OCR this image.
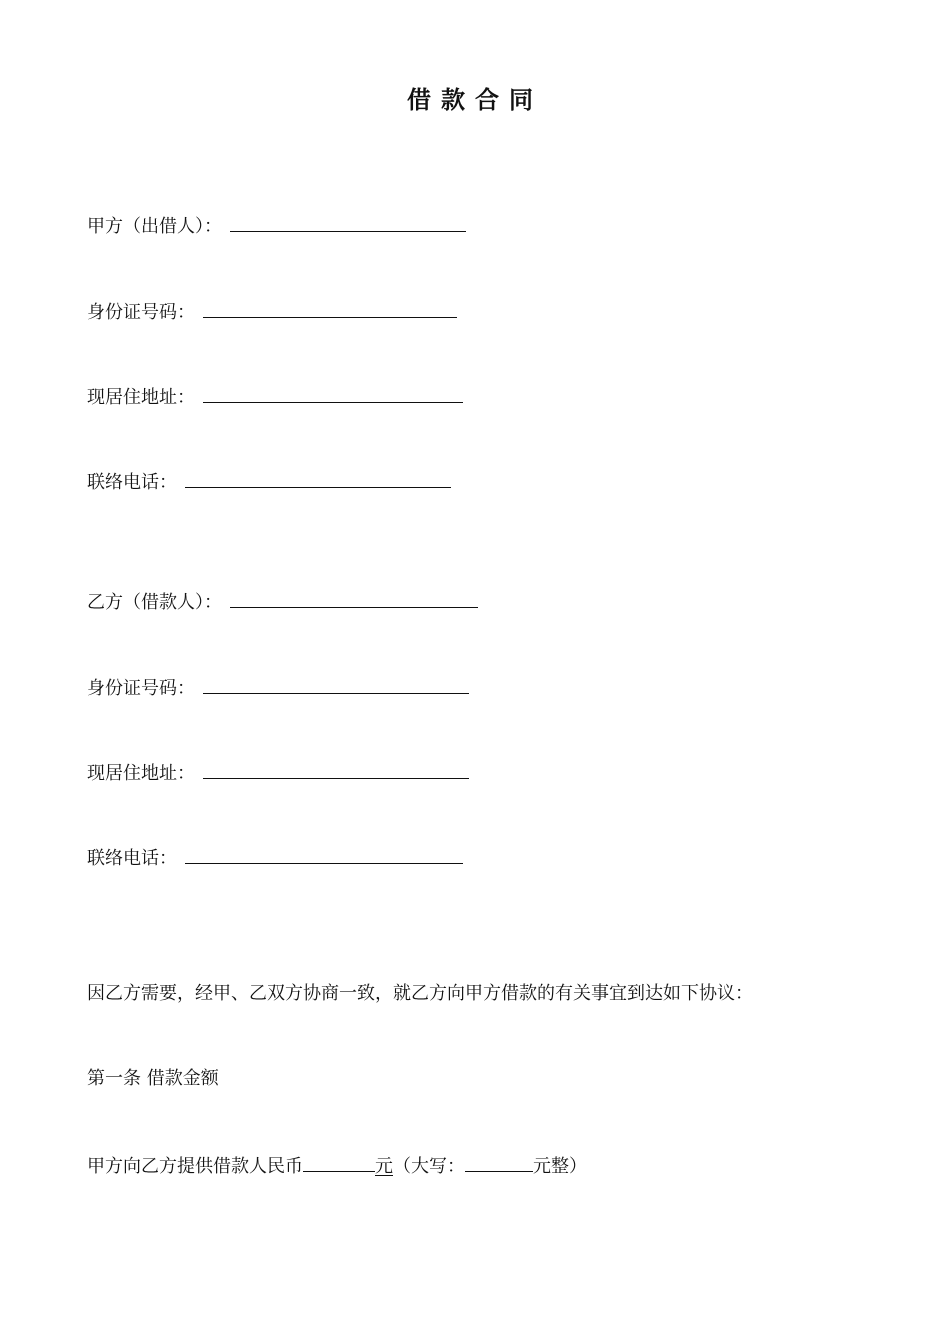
借款合同
甲方（出借人）：
身份证号码：
现居住地址：
联络电话：
乙方（借款人）：
身份证号码：
现居住地址：
联络电话：
因乙方需要，经甲、乙双方协商一致，就乙方向甲方借款的有关事宜到达如下协议：
第一条 借款金额
甲方向乙方提供借款人民币	元（大写：	元整）
